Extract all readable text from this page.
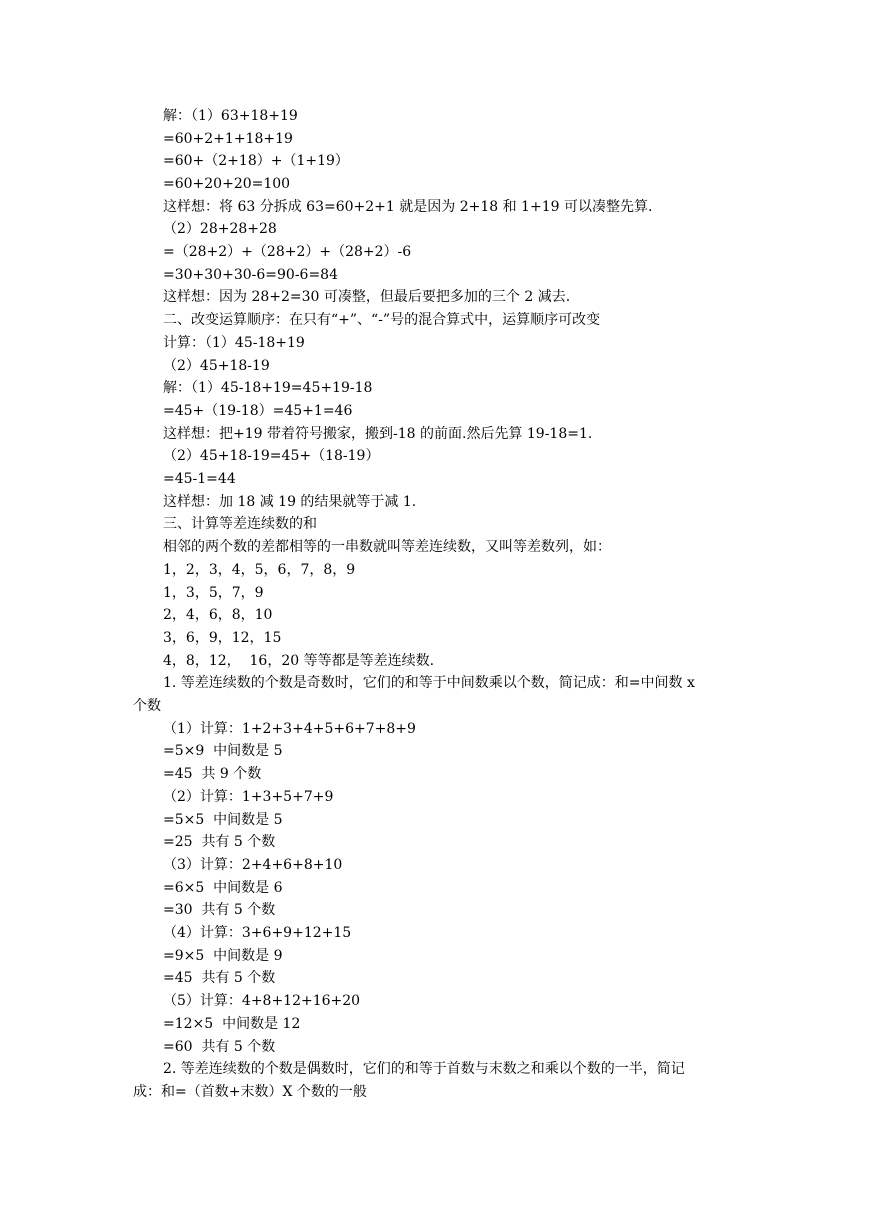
解：（1）63+18+19
=60+2+1+18+19
=60+（2+18）+（1+19）
=60+20+20=100
这样想：将 63 分拆成 63=60+2+1 就是因为 2+18 和 1+19 可以凑整先算.
（2）28+28+28
=（28+2）+（28+2）+（28+2）-6
=30+30+30-6=90-6=84
这样想：因为 28+2=30 可凑整，但最后要把多加的三个 2 减去.
二、改变运算顺序：在只有“+”、“-”号的混合算式中，运算顺序可改变
计算：（1）45-18+19
（2）45+18-19
解：（1）45-18+19=45+19-18
=45+（19-18）=45+1=46
这样想：把+19 带着符号搬家，搬到-18 的前面.然后先算 19-18=1.
（2）45+18-19=45+（18-19）
=45-1=44
这样想：加 18 减 19 的结果就等于减 1.
三、计算等差连续数的和
相邻的两个数的差都相等的一串数就叫等差连续数，又叫等差数列，如：
1，2，3，4，5，6，7，8，9
1，3，5，7，9
2，4，6，8，10
3，6，9，12，15
4，8，12，  16，20 等等都是等差连续数.
1. 等差连续数的个数是奇数时，它们的和等于中间数乘以个数，简记成：和=中间数 x
个数
（1）计算：1+2+3+4+5+6+7+8+9
=5×9  中间数是 5
=45  共 9 个数
（2）计算：1+3+5+7+9
=5×5  中间数是 5
=25  共有 5 个数
（3）计算：2+4+6+8+10
=6×5  中间数是 6
=30  共有 5 个数
（4）计算：3+6+9+12+15
=9×5  中间数是 9
=45  共有 5 个数
（5）计算：4+8+12+16+20
=12×5  中间数是 12
=60  共有 5 个数
2. 等差连续数的个数是偶数时，它们的和等于首数与末数之和乘以个数的一半，简记
成：和=（首数+末数）X 个数的一般
